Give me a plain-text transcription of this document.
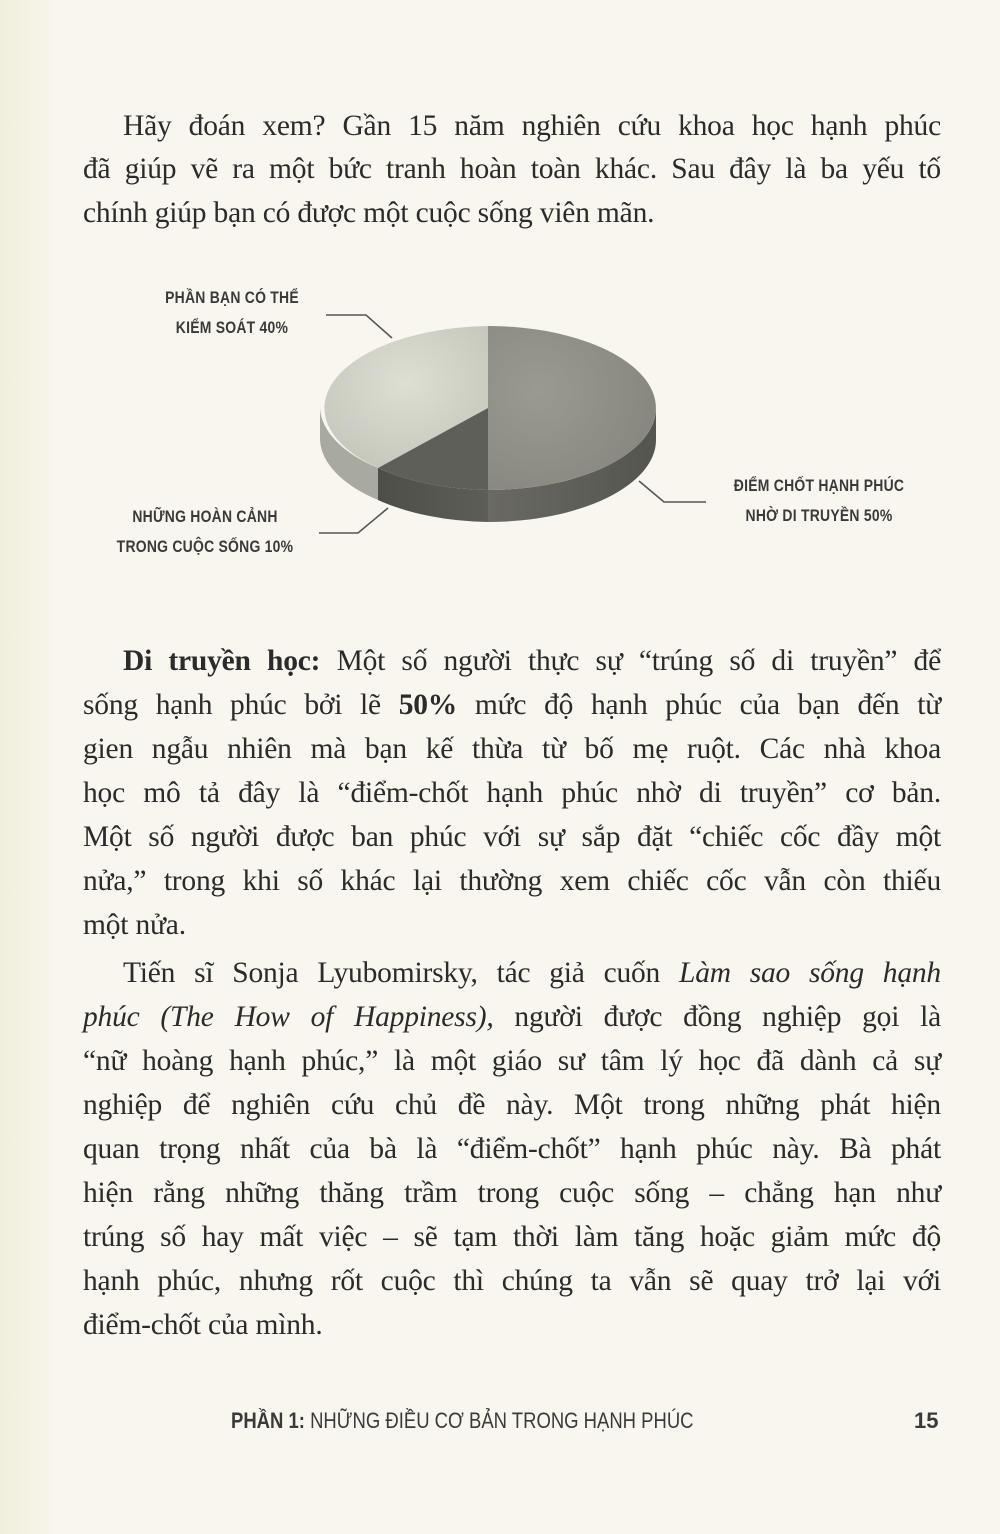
Hãy đoán xem? Gần 15 năm nghiên cứu khoa học hạnh phúc
đã giúp vẽ ra một bức tranh hoàn toàn khác. Sau đây là ba yếu tố
chính giúp bạn có được một cuộc sống viên mãn.
PHẦN BẠN CÓ THỂ
KIỂM SOÁT 40%
ĐIỂM CHỐT HẠNH PHÚC
NHỜ DI TRUYỀN 50%
NHỮNG HOÀN CẢNH
TRONG CUỘC SỐNG 10%
Di truyền học: Một số người thực sự “trúng số di truyền” để
sống hạnh phúc bởi lẽ 50% mức độ hạnh phúc của bạn đến từ
gien ngẫu nhiên mà bạn kế thừa từ bố mẹ ruột. Các nhà khoa
học mô tả đây là “điểm-chốt hạnh phúc nhờ di truyền” cơ bản.
Một số người được ban phúc với sự sắp đặt “chiếc cốc đầy một
nửa,” trong khi số khác lại thường xem chiếc cốc vẫn còn thiếu
một nửa.
Tiến sĩ Sonja Lyubomirsky, tác giả cuốn Làm sao sống hạnh
phúc (The How of Happiness), người được đồng nghiệp gọi là
“nữ hoàng hạnh phúc,” là một giáo sư tâm lý học đã dành cả sự
nghiệp để nghiên cứu chủ đề này. Một trong những phát hiện
quan trọng nhất của bà là “điểm-chốt” hạnh phúc này. Bà phát
hiện rằng những thăng trầm trong cuộc sống – chẳng hạn như
trúng số hay mất việc – sẽ tạm thời làm tăng hoặc giảm mức độ
hạnh phúc, nhưng rốt cuộc thì chúng ta vẫn sẽ quay trở lại với
điểm-chốt của mình.
PHẦN 1: NHỮNG ĐIỀU CƠ BẢN TRONG HẠNH PHÚC	15
